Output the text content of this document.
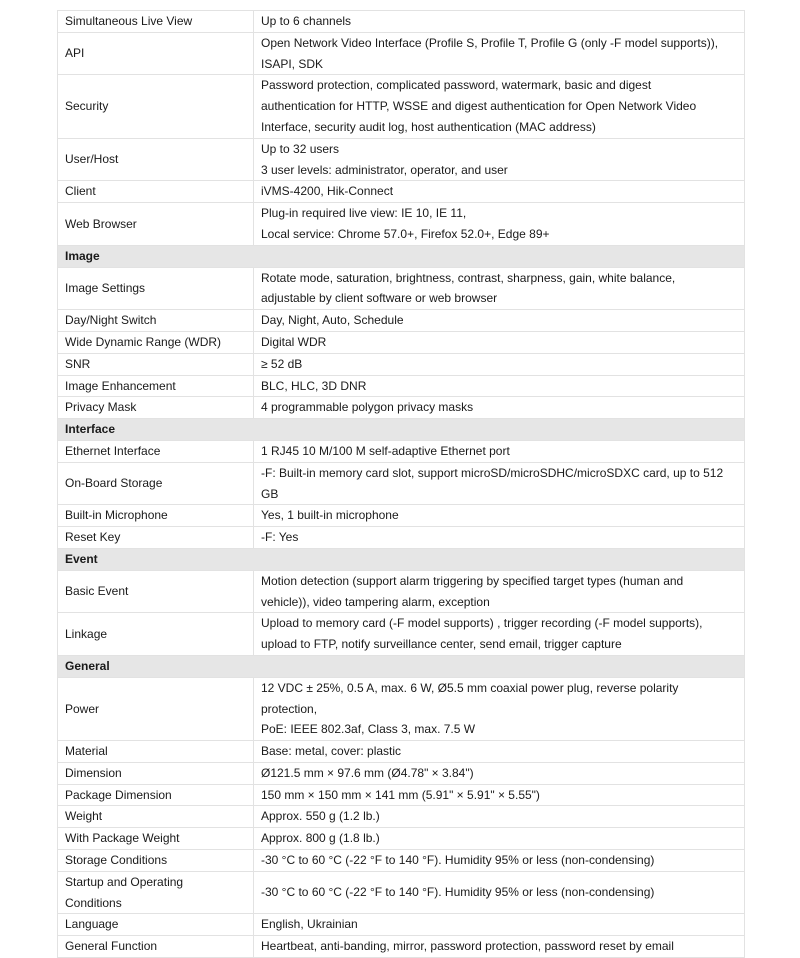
Simultaneous Live View	Up to 6 channels

API	Open Network Video Interface (Profile S, Profile T, Profile G (only -F model supports)),
ISAPI, SDK

Security	Password protection, complicated password, watermark, basic and digest
authentication for HTTP, WSSE and digest authentication for Open Network Video
Interface, security audit log, host authentication (MAC address)

User/Host	Up to 32 users
3 user levels: administrator, operator, and user

Client	iVMS-4200, Hik-Connect

Web Browser	Plug-in required live view: IE 10, IE 11,
Local service: Chrome 57.0+, Firefox 52.0+, Edge 89+

Image	
Image Settings	Rotate mode, saturation, brightness, contrast, sharpness, gain, white balance,
adjustable by client software or web browser

Day/Night Switch	Day, Night, Auto, Schedule

Wide Dynamic Range (WDR)	Digital WDR

SNR	≥ 52 dB

Image Enhancement	BLC, HLC, 3D DNR

Privacy Mask	4 programmable polygon privacy masks

Interface	
Ethernet Interface	1 RJ45 10 M/100 M self-adaptive Ethernet port

On-Board Storage	-F: Built-in memory card slot, support microSD/microSDHC/microSDXC card, up to 512
GB

Built-in Microphone	Yes, 1 built-in microphone

Reset Key	-F: Yes

Event	
Basic Event	Motion detection (support alarm triggering by specified target types (human and
vehicle)), video tampering alarm, exception

Linkage	Upload to memory card (-F model supports) , trigger recording (-F model supports),
upload to FTP, notify surveillance center, send email, trigger capture

General	
Power	12 VDC ± 25%, 0.5 A, max. 6 W, Ø5.5 mm coaxial power plug, reverse polarity
protection,
PoE: IEEE 802.3af, Class 3, max. 7.5 W

Material	Base: metal, cover: plastic

Dimension	Ø121.5 mm × 97.6 mm (Ø4.78" × 3.84")

Package Dimension	150 mm × 150 mm × 141 mm (5.91" × 5.91" × 5.55")

Weight	Approx. 550 g (1.2 lb.)

With Package Weight	Approx. 800 g (1.8 lb.)

Storage Conditions	-30 °C to 60 °C (-22 °F to 140 °F). Humidity 95% or less (non-condensing)

Startup and Operating
Conditions	-30 °C to 60 °C (-22 °F to 140 °F). Humidity 95% or less (non-condensing)

Language	English, Ukrainian

General Function	Heartbeat, anti-banding, mirror, password protection, password reset by email
